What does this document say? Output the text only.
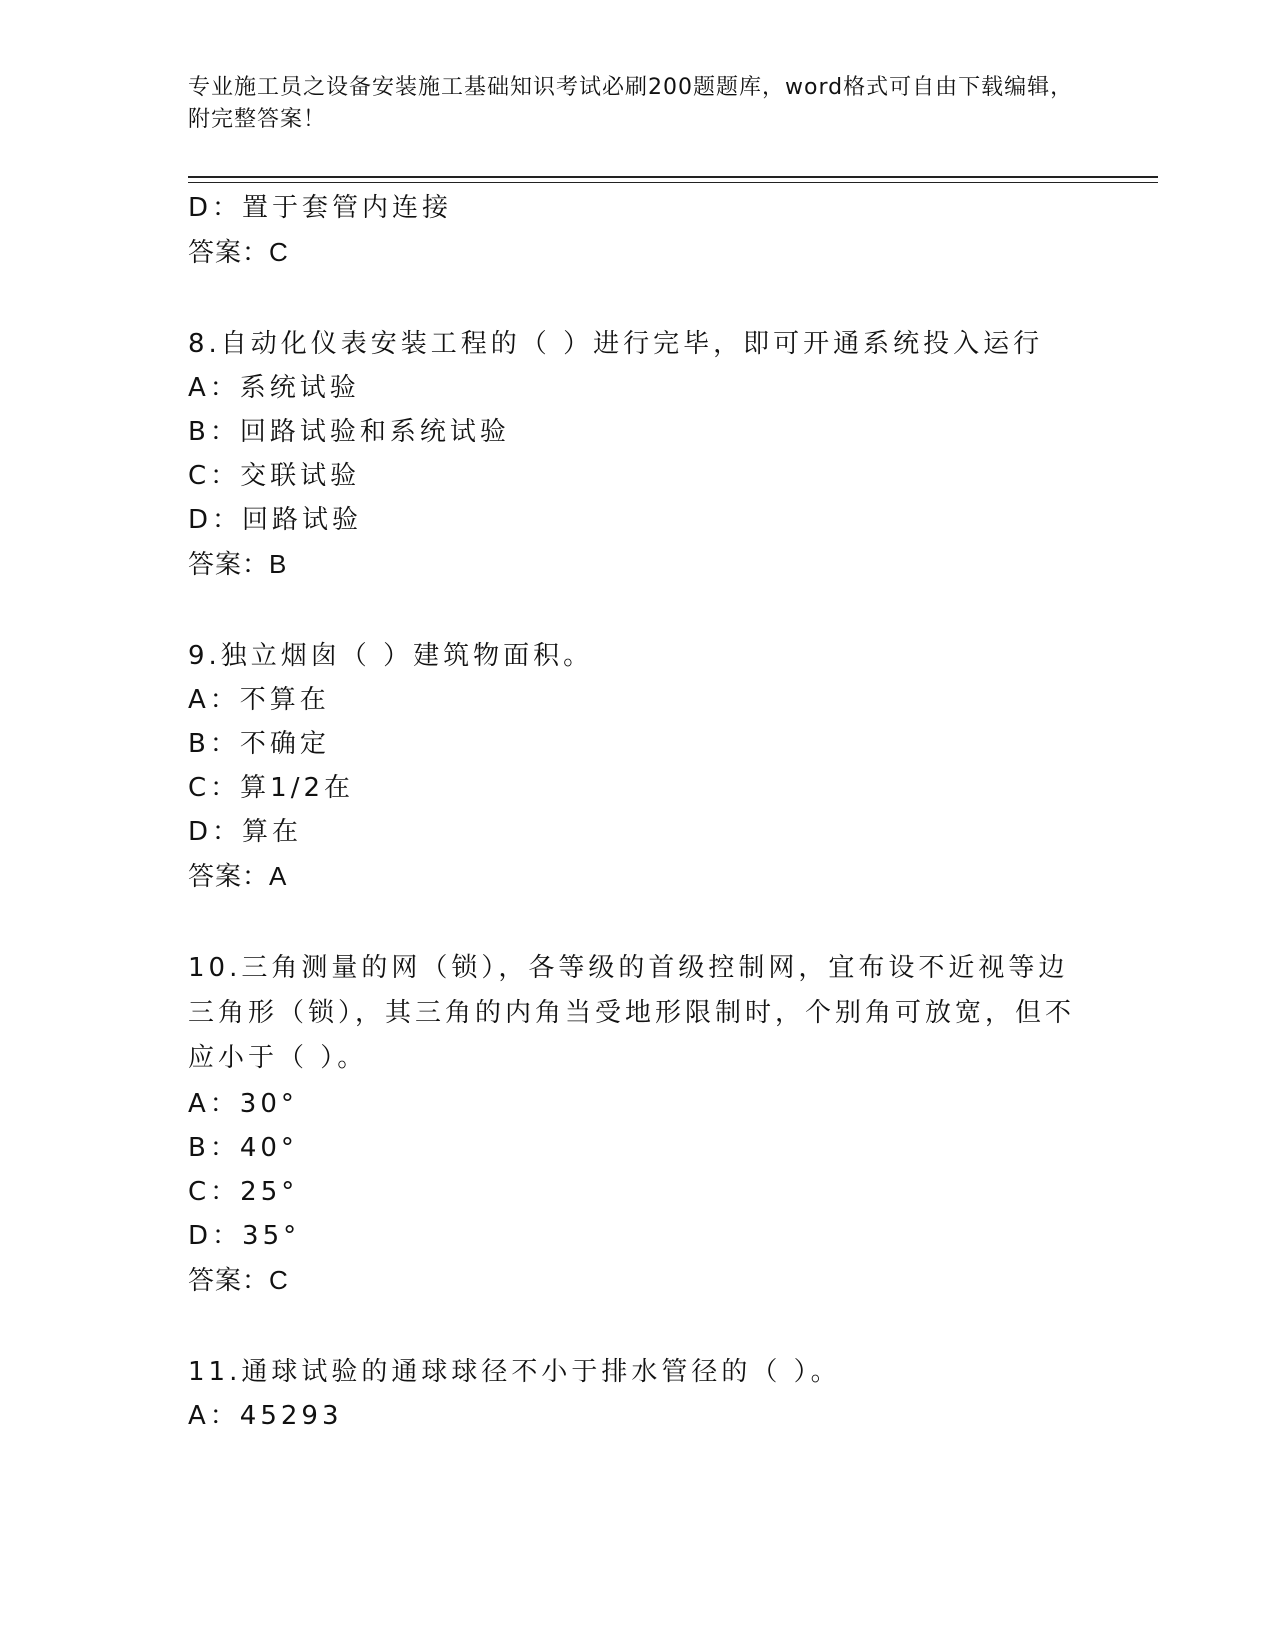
专业施工员之设备安装施工基础知识考试必刷200题题库，word格式可自由下载编辑，附完整答案！
D：置于套管内连接
答案：C
8.自动化仪表安装工程的（ ）进行完毕，即可开通系统投入运行
A：系统试验
B：回路试验和系统试验
C：交联试验
D：回路试验
答案：B
9.独立烟囱（ ）建筑物面积。
A：不算在
B：不确定
C：算1/2在
D：算在
答案：A
10.三角测量的网（锁），各等级的首级控制网，宜布设不近视等边三角形（锁），其三角的内角当受地形限制时，个别角可放宽，但不应小于（ ）。
A：30°
B：40°
C：25°
D：35°
答案：C
11.通球试验的通球球径不小于排水管径的（ ）。
A：45293
